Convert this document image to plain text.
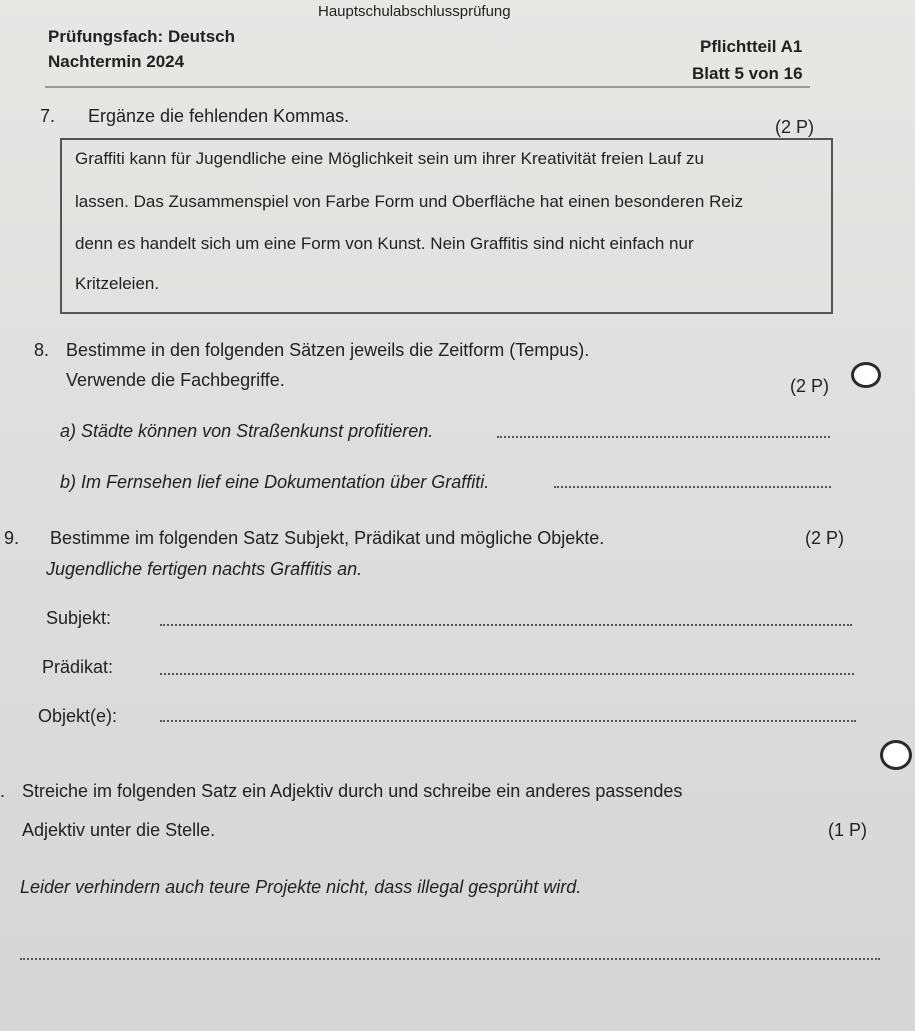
Hauptschulabschlussprüfung
Prüfungsfach: Deutsch
Pflichtteil A1
Nachtermin 2024
Blatt 5 von 16
7. Ergänze die fehlenden Kommas.
(2 P)
Graffiti kann für Jugendliche eine Möglichkeit sein um ihrer Kreativität freien Lauf zu
lassen. Das Zusammenspiel von Farbe Form und Oberfläche hat einen besonderen Reiz
denn es handelt sich um eine Form von Kunst. Nein Graffitis sind nicht einfach nur
Kritzeleien.
8. Bestimme in den folgenden Sätzen jeweils die Zeitform (Tempus).
Verwende die Fachbegriffe.	(2 P)
a) Städte können von Straßenkunst profitieren.
b) Im Fernsehen lief eine Dokumentation über Graffiti.
9. Bestimme im folgenden Satz Subjekt, Prädikat und mögliche Objekte.	(2 P)
Jugendliche fertigen nachts Graffitis an.
Subjekt:
Prädikat:
Objekt(e):
. Streiche im folgenden Satz ein Adjektiv durch und schreibe ein anderes passendes
Adjektiv unter die Stelle.	(1 P)
Leider verhindern auch teure Projekte nicht, dass illegal gesprüht wird.
